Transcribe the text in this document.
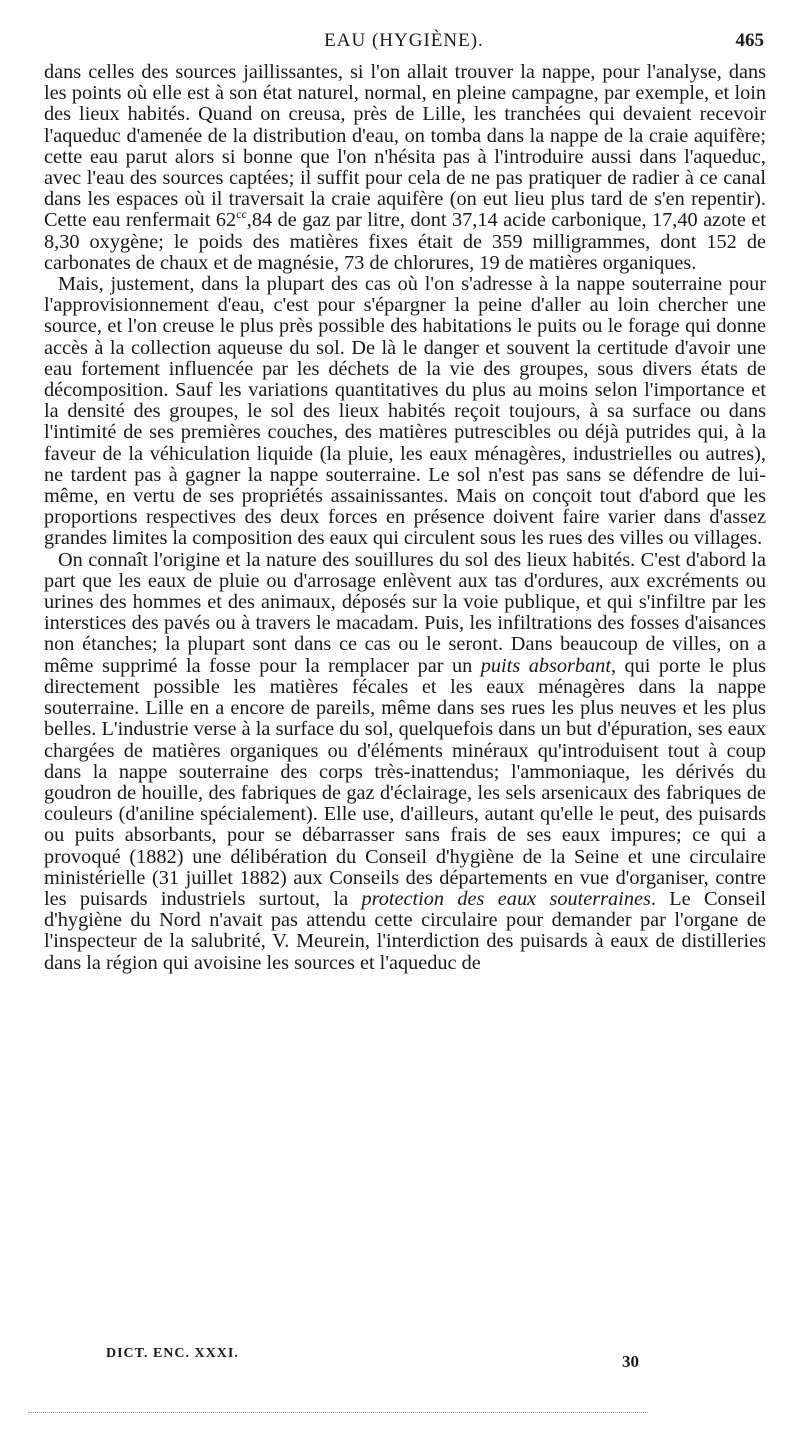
EAU (HYGIÈNE).	465

dans celles des sources jaillissantes, si l'on allait trouver la nappe, pour l'analyse, dans les points où elle est à son état naturel, normal, en pleine campagne, par exemple, et loin des lieux habités. Quand on creusa, près de Lille, les tranchées qui devaient recevoir l'aqueduc d'amenée de la distribution d'eau, on tomba dans la nappe de la craie aquifère; cette eau parut alors si bonne que l'on n'hésita pas à l'introduire aussi dans l'aqueduc, avec l'eau des sources captées; il suffit pour cela de ne pas pratiquer de radier à ce canal dans les espaces où il traversait la craie aquifère (on eut lieu plus tard de s'en repentir). Cette eau renfermait $62^{cc},84$ de gaz par litre, dont 37,14 acide carbonique, 17,40 azote et 8,30 oxygène; le poids des matières fixes était de 359 milligrammes, dont 152 de carbonates de chaux et de magnésie, 73 de chlorures, 19 de matières organiques.

Mais, justement, dans la plupart des cas où l'on s'adresse à la nappe souterraine pour l'approvisionnement d'eau, c'est pour s'épargner la peine d'aller au loin chercher une source, et l'on creuse le plus près possible des habitations le puits ou le forage qui donne accès à la collection aqueuse du sol. De là le danger et souvent la certitude d'avoir une eau fortement influencée par les déchets de la vie des groupes, sous divers états de décomposition. Sauf les variations quantitatives du plus au moins selon l'importance et la densité des groupes, le sol des lieux habités reçoit toujours, à sa surface ou dans l'intimité de ses premières couches, des matières putrescibles ou déjà putrides qui, à la faveur de la véhiculation liquide (la pluie, les eaux ménagères, industrielles ou autres), ne tardent pas à gagner la nappe souterraine. Le sol n'est pas sans se défendre de lui-même, en vertu de ses propriétés assainissantes. Mais on conçoit tout d'abord que les proportions respectives des deux forces en présence doivent faire varier dans d'assez grandes limites la composition des eaux qui circulent sous les rues des villes ou villages.

On connaît l'origine et la nature des souillures du sol des lieux habités. C'est d'abord la part que les eaux de pluie ou d'arrosage enlèvent aux tas d'ordures, aux excréments ou urines des hommes et des animaux, déposés sur la voie publique, et qui s'infiltre par les interstices des pavés ou à travers le macadam. Puis, les infiltrations des fosses d'aisances non étanches; la plupart sont dans ce cas ou le seront. Dans beaucoup de villes, on a même supprimé la fosse pour la remplacer par un puits absorbant, qui porte le plus directement possible les matières fécales et les eaux ménagères dans la nappe souterraine. Lille en a encore de pareils, même dans ses rues les plus neuves et les plus belles. L'industrie verse à la surface du sol, quelquefois dans un but d'épuration, ses eaux chargées de matières organiques ou d'éléments minéraux qu'introduisent tout à coup dans la nappe souterraine des corps très-inattendus; l'ammoniaque, les dérivés du goudron de houille, des fabriques de gaz d'éclairage, les sels arsenicaux des fabriques de couleurs (d'aniline spécialement). Elle use, d'ailleurs, autant qu'elle le peut, des puisards ou puits absorbants, pour se débarrasser sans frais de ses eaux impures; ce qui a provoqué (1882) une délibération du Conseil d'hygiène de la Seine et une circulaire ministérielle (31 juillet 1882) aux Conseils des départements en vue d'organiser, contre les puisards industriels surtout, la protection des eaux souterraines. Le Conseil d'hygiène du Nord n'avait pas attendu cette circulaire pour demander par l'organe de l'inspecteur de la salubrité, V. Meurein, l'interdiction des puisards à eaux de distilleries dans la région qui avoisine les sources et l'aqueduc de

DICT. ENC. XXXI.	30
